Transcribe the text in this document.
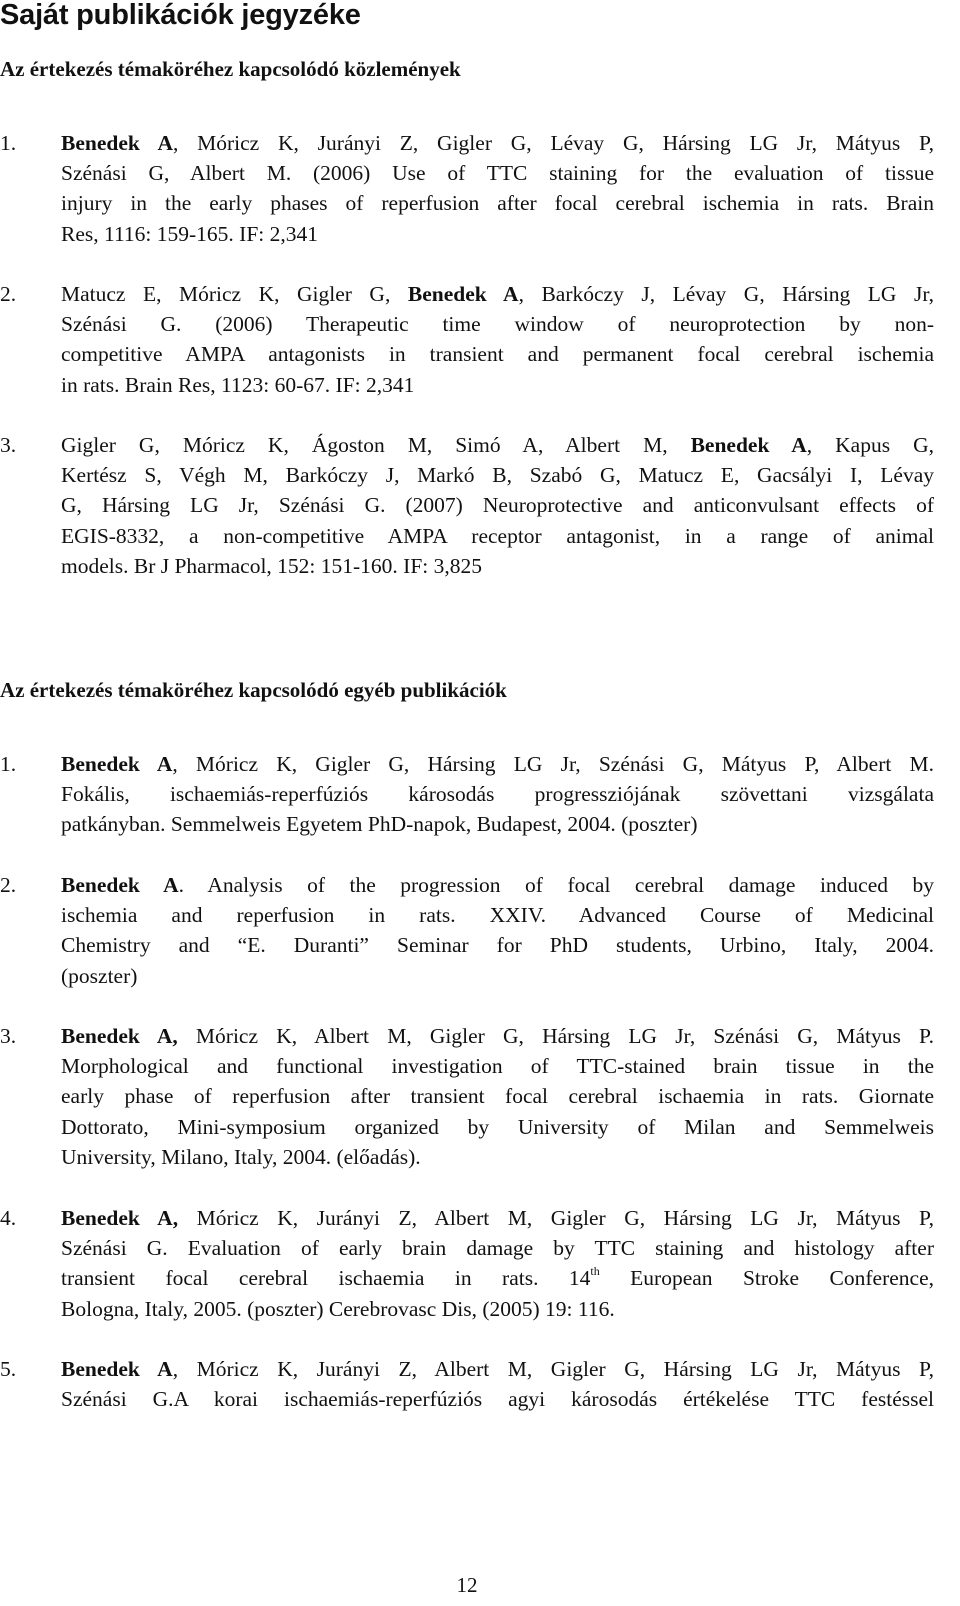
Saját publikációk jegyzéke
Az értekezés témaköréhez kapcsolódó közlemények
1.	Benedek A, Móricz K, Jurányi Z, Gigler G, Lévay G, Hársing LG Jr, Mátyus P,
Szénási G, Albert M. (2006) Use of TTC staining for the evaluation of tissue
injury in the early phases of reperfusion after focal cerebral ischemia in rats. Brain
Res, 1116: 159-165. IF: 2,341
2.	Matucz E, Móricz K, Gigler G, Benedek A, Barkóczy J, Lévay G, Hársing LG Jr,
Szénási G. (2006) Therapeutic time window of neuroprotection by non-
competitive AMPA antagonists in transient and permanent focal cerebral ischemia
in rats. Brain Res, 1123: 60-67. IF: 2,341
3.	Gigler G, Móricz K, Ágoston M, Simó A, Albert M, Benedek A, Kapus G,
Kertész S, Végh M, Barkóczy J, Markó B, Szabó G, Matucz E, Gacsályi I, Lévay
G, Hársing LG Jr, Szénási G. (2007) Neuroprotective and anticonvulsant effects of
EGIS-8332, a non-competitive AMPA receptor antagonist, in a range of animal
models. Br J Pharmacol, 152: 151-160. IF: 3,825
Az értekezés témaköréhez kapcsolódó egyéb publikációk
1.	Benedek A, Móricz K, Gigler G, Hársing LG Jr, Szénási G, Mátyus P, Albert M.
Fokális, ischaemiás-reperfúziós károsodás progressziójának szövettani vizsgálata
patkányban. Semmelweis Egyetem PhD-napok, Budapest, 2004. (poszter)
2.	Benedek A. Analysis of the progression of focal cerebral damage induced by
ischemia and reperfusion in rats. XXIV. Advanced Course of Medicinal
Chemistry and “E. Duranti” Seminar for PhD students, Urbino, Italy, 2004.
(poszter)
3.	Benedek A, Móricz K, Albert M, Gigler G, Hársing LG Jr, Szénási G, Mátyus P.
Morphological and functional investigation of TTC-stained brain tissue in the
early phase of reperfusion after transient focal cerebral ischaemia in rats. Giornate
Dottorato, Mini-symposium organized by University of Milan and Semmelweis
University, Milano, Italy, 2004. (előadás).
4.	Benedek A, Móricz K, Jurányi Z, Albert M, Gigler G, Hársing LG Jr, Mátyus P,
Szénási G. Evaluation of early brain damage by TTC staining and histology after
transient focal cerebral ischaemia in rats. 14th European Stroke Conference,
Bologna, Italy, 2005. (poszter) Cerebrovasc Dis, (2005) 19: 116.
5.	Benedek A, Móricz K, Jurányi Z, Albert M, Gigler G, Hársing LG Jr, Mátyus P,
Szénási G.A korai ischaemiás-reperfúziós agyi károsodás értékelése TTC festéssel
12
